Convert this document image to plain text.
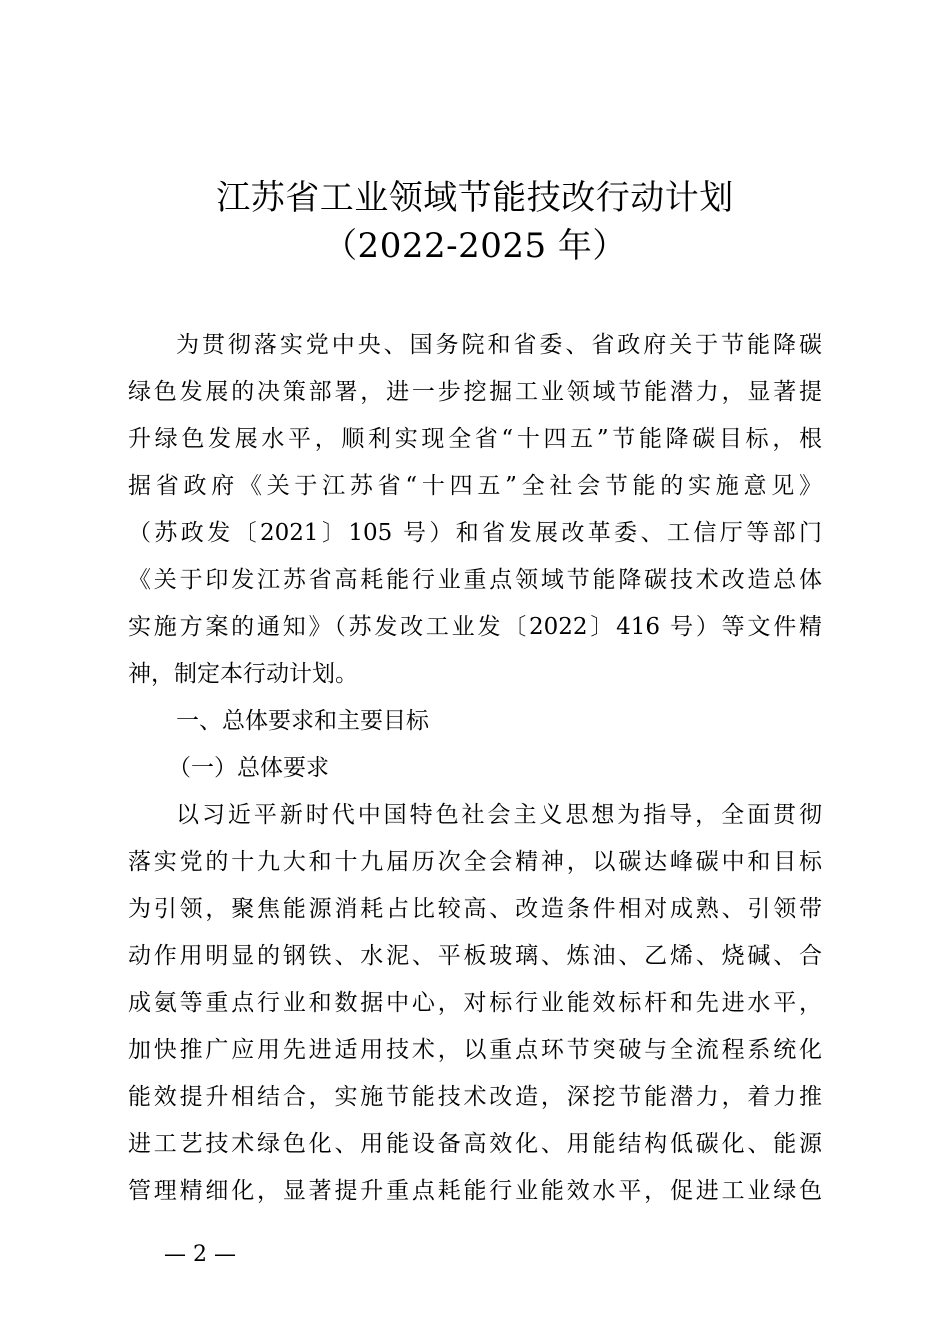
江苏省工业领域节能技改行动计划
（2022-2025 年）
为贯彻落实党中央、国务院和省委、省政府关于节能降碳
绿色发展的决策部署，进一步挖掘工业领域节能潜力，显著提
升绿色发展水平，顺利实现全省“十四五”节能降碳目标，根
据省政府《关于江苏省“十四五”全社会节能的实施意见》
（苏政发〔2021〕105 号）和省发展改革委、工信厅等部门
《关于印发江苏省高耗能行业重点领域节能降碳技术改造总体
实施方案的通知》（苏发改工业发〔2022〕416 号）等文件精
神，制定本行动计划。
一、总体要求和主要目标
（一）总体要求
以习近平新时代中国特色社会主义思想为指导，全面贯彻
落实党的十九大和十九届历次全会精神，以碳达峰碳中和目标
为引领，聚焦能源消耗占比较高、改造条件相对成熟、引领带
动作用明显的钢铁、水泥、平板玻璃、炼油、乙烯、烧碱、合
成氨等重点行业和数据中心，对标行业能效标杆和先进水平，
加快推广应用先进适用技术，以重点环节突破与全流程系统化
能效提升相结合，实施节能技术改造，深挖节能潜力，着力推
进工艺技术绿色化、用能设备高效化、用能结构低碳化、能源
管理精细化，显著提升重点耗能行业能效水平，促进工业绿色
— 2 —
